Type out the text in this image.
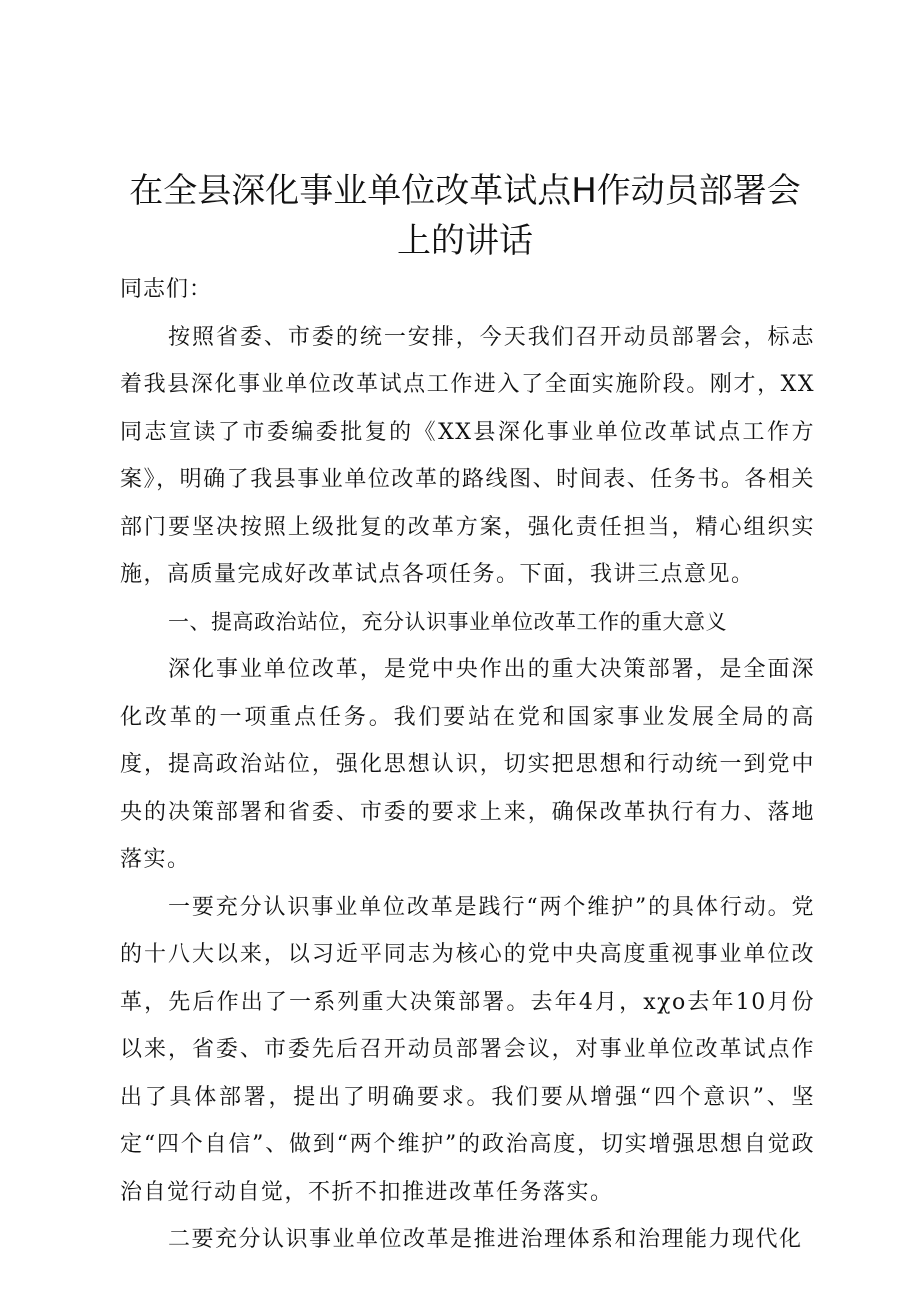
在全县深化事业单位改革试点H作动员部署会上的讲话

同志们：

按照省委、市委的统一安排，今天我们召开动员部署会，标志着我县深化事业单位改革试点工作进入了全面实施阶段。刚才，XX同志宣读了市委编委批复的《XX县深化事业单位改革试点工作方案》，明确了我县事业单位改革的路线图、时间表、任务书。各相关部门要坚决按照上级批复的改革方案，强化责任担当，精心组织实施，高质量完成好改革试点各项任务。下面，我讲三点意见。

一、提高政治站位，充分认识事业单位改革工作的重大意义

深化事业单位改革，是党中央作出的重大决策部署，是全面深化改革的一项重点任务。我们要站在党和国家事业发展全局的高度，提高政治站位，强化思想认识，切实把思想和行动统一到党中央的决策部署和省委、市委的要求上来，确保改革执行有力、落地落实。

一要充分认识事业单位改革是践行“两个维护”的具体行动。党的十八大以来，以习近平同志为核心的党中央高度重视事业单位改革，先后作出了一系列重大决策部署。去年4月，xχo去年10月份以来，省委、市委先后召开动员部署会议，对事业单位改革试点作出了具体部署，提出了明确要求。我们要从增强“四个意识”、坚定“四个自信”、做到“两个维护”的政治高度，切实增强思想自觉政治自觉行动自觉，不折不扣推进改革任务落实。

二要充分认识事业单位改革是推进治理体系和治理能力现代化
